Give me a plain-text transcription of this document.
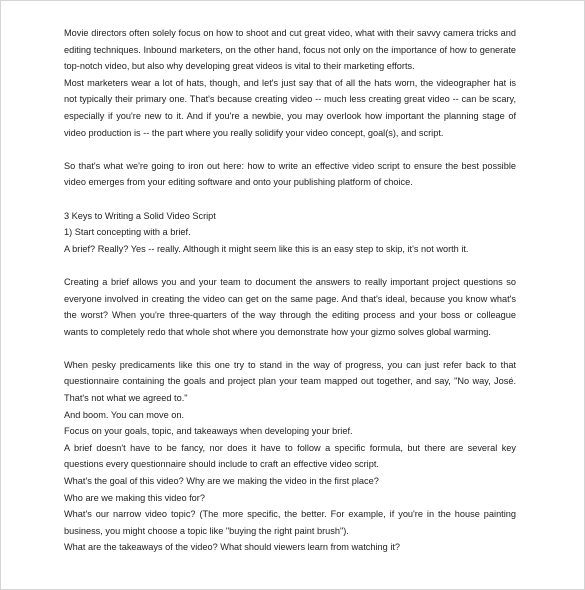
Movie directors often solely focus on how to shoot and cut great video, what with their savvy camera tricks and editing techniques. Inbound marketers, on the other hand, focus not only on the importance of how to generate top-notch video, but also why developing great videos is vital to their marketing efforts.

Most marketers wear a lot of hats, though, and let's just say that of all the hats worn, the videographer hat is not typically their primary one. That's because creating video -- much less creating great video -- can be scary, especially if you're new to it. And if you're a newbie, you may overlook how important the planning stage of video production is -- the part where you really solidify your video concept, goal(s), and script.

So that's what we're going to iron out here: how to write an effective video script to ensure the best possible video emerges from your editing software and onto your publishing platform of choice.

3 Keys to Writing a Solid Video Script

1) Start concepting with a brief.

A brief? Really? Yes -- really. Although it might seem like this is an easy step to skip, it's not worth it.

Creating a brief allows you and your team to document the answers to really important project questions so everyone involved in creating the video can get on the same page. And that's ideal, because you know what's the worst? When you're three-quarters of the way through the editing process and your boss or colleague wants to completely redo that whole shot where you demonstrate how your gizmo solves global warming.

When pesky predicaments like this one try to stand in the way of progress, you can just refer back to that questionnaire containing the goals and project plan your team mapped out together, and say, "No way, José. That's not what we agreed to."

And boom. You can move on.

Focus on your goals, topic, and takeaways when developing your brief.

A brief doesn't have to be fancy, nor does it have to follow a specific formula, but there are several key questions every questionnaire should include to craft an effective video script.

What's the goal of this video? Why are we making the video in the first place?

Who are we making this video for?

What's our narrow video topic? (The more specific, the better. For example, if you're in the house painting business, you might choose a topic like "buying the right paint brush").

What are the takeaways of the video? What should viewers learn from watching it?
